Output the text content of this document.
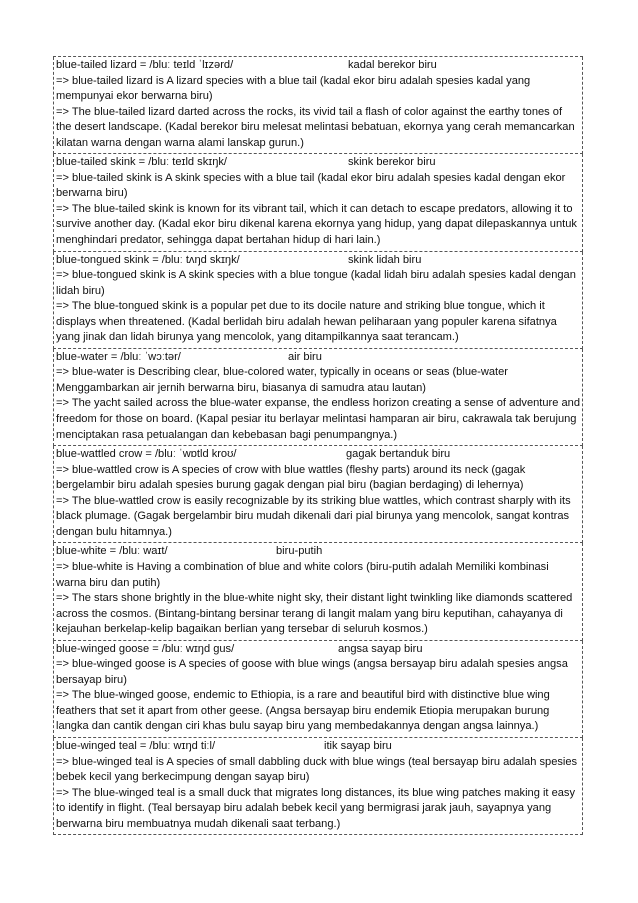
blue-tailed lizard = /bluː teɪld ˈlɪzərd/	kadal berekor biru
=> blue-tailed lizard is A lizard species with a blue tail (kadal ekor biru adalah spesies kadal yang mempunyai ekor berwarna biru)
=> The blue-tailed lizard darted across the rocks, its vivid tail a flash of color against the earthy tones of the desert landscape. (Kadal berekor biru melesat melintasi bebatuan, ekornya yang cerah memancarkan kilatan warna dengan warna alami lanskap gurun.)
blue-tailed skink = /bluː teɪld skɪŋk/	skink berekor biru
=> blue-tailed skink is A skink species with a blue tail (kadal ekor biru adalah spesies kadal dengan ekor berwarna biru)
=> The blue-tailed skink is known for its vibrant tail, which it can detach to escape predators, allowing it to survive another day. (Kadal ekor biru dikenal karena ekornya yang hidup, yang dapat dilepaskannya untuk menghindari predator, sehingga dapat bertahan hidup di hari lain.)
blue-tongued skink = /bluː tʌŋd skɪŋk/	skink lidah biru
=> blue-tongued skink is A skink species with a blue tongue (kadal lidah biru adalah spesies kadal dengan lidah biru)
=> The blue-tongued skink is a popular pet due to its docile nature and striking blue tongue, which it displays when threatened. (Kadal berlidah biru adalah hewan peliharaan yang populer karena sifatnya yang jinak dan lidah birunya yang mencolok, yang ditampilkannya saat terancam.)
blue-water = /bluː ˈwɔːtər/	air biru
=> blue-water is Describing clear, blue-colored water, typically in oceans or seas (blue-water Menggambarkan air jernih berwarna biru, biasanya di samudra atau lautan)
=> The yacht sailed across the blue-water expanse, the endless horizon creating a sense of adventure and freedom for those on board. (Kapal pesiar itu berlayar melintasi hamparan air biru, cakrawala tak berujung menciptakan rasa petualangan dan kebebasan bagi penumpangnya.)
blue-wattled crow = /bluː ˈwɒtld kroʊ/	gagak bertanduk biru
=> blue-wattled crow is A species of crow with blue wattles (fleshy parts) around its neck (gagak bergelambir biru adalah spesies burung gagak dengan pial biru (bagian berdaging) di lehernya)
=> The blue-wattled crow is easily recognizable by its striking blue wattles, which contrast sharply with its black plumage. (Gagak bergelambir biru mudah dikenali dari pial birunya yang mencolok, sangat kontras dengan bulu hitamnya.)
blue-white = /bluː waɪt/	biru-putih
=> blue-white is Having a combination of blue and white colors (biru-putih adalah Memiliki kombinasi warna biru dan putih)
=> The stars shone brightly in the blue-white night sky, their distant light twinkling like diamonds scattered across the cosmos. (Bintang-bintang bersinar terang di langit malam yang biru keputihan, cahayanya di kejauhan berkelap-kelip bagaikan berlian yang tersebar di seluruh kosmos.)
blue-winged goose = /bluː wɪŋd gus/	angsa sayap biru
=> blue-winged goose is A species of goose with blue wings (angsa bersayap biru adalah spesies angsa bersayap biru)
=> The blue-winged goose, endemic to Ethiopia, is a rare and beautiful bird with distinctive blue wing feathers that set it apart from other geese. (Angsa bersayap biru endemik Etiopia merupakan burung langka dan cantik dengan ciri khas bulu sayap biru yang membedakannya dengan angsa lainnya.)
blue-winged teal = /bluː wɪŋd tiːl/	itik sayap biru
=> blue-winged teal is A species of small dabbling duck with blue wings (teal bersayap biru adalah spesies bebek kecil yang berkecimpung dengan sayap biru)
=> The blue-winged teal is a small duck that migrates long distances, its blue wing patches making it easy to identify in flight. (Teal bersayap biru adalah bebek kecil yang bermigrasi jarak jauh, sayapnya yang berwarna biru membuatnya mudah dikenali saat terbang.)
